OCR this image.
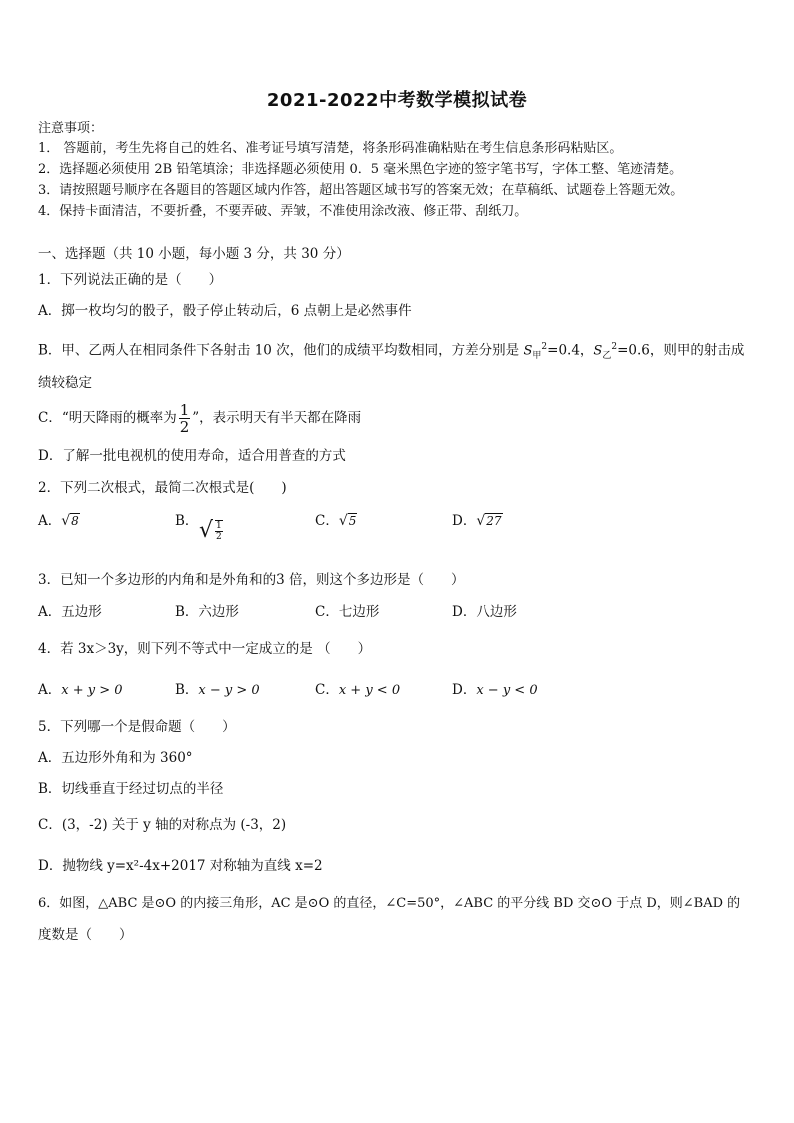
2021-2022中考数学模拟试卷
注意事项：
1． 答题前，考生先将自己的姓名、准考证号填写清楚，将条形码准确粘贴在考生信息条形码粘贴区。
2．选择题必须使用 2B 铅笔填涂；非选择题必须使用 0．5 毫米黑色字迹的签字笔书写，字体工整、笔迹清楚。
3．请按照题号顺序在各题目的答题区域内作答，超出答题区域书写的答案无效；在草稿纸、试题卷上答题无效。
4．保持卡面清洁，不要折叠，不要弄破、弄皱，不准使用涂改液、修正带、刮纸刀。
一、选择题（共 10 小题，每小题 3 分，共 30 分）
1．下列说法正确的是（　　）
A．掷一枚均匀的骰子，骰子停止转动后，6 点朝上是必然事件
B．甲、乙两人在相同条件下各射击 10 次，他们的成绩平均数相同，方差分别是 $S_甲^2=0.4$，$S_乙^2=0.6$，则甲的射击成
绩较稳定
C．“明天降雨的概率为 $\frac{1}{2}$ ”，表示明天有半天都在降雨
D．了解一批电视机的使用寿命，适合用普查的方式
2．下列二次根式，最简二次根式是(　　)
A．√8	B． √ $\frac{1}{2}$	C．√5	D．√27
3．已知一个多边形的内角和是外角和的3 倍，则这个多边形是（　　）
A．五边形	B．六边形	C．七边形	D．八边形
4．若 3x＞3y，则下列不等式中一定成立的是 （　　）
A．x + y > 0	B．x − y > 0	C．x + y < 0	D．x − y < 0
5．下列哪一个是假命题（　　）
A．五边形外角和为 360°
B．切线垂直于经过切点的半径
C．(3，-2) 关于 y 轴的对称点为 (-3，2)
D．抛物线 y=x²-4x+2017 对称轴为直线 x=2
6．如图，△ABC 是⊙O 的内接三角形，AC 是⊙O 的直径，∠C=50°，∠ABC 的平分线 BD 交⊙O 于点 D，则∠BAD 的
度数是（　　）
